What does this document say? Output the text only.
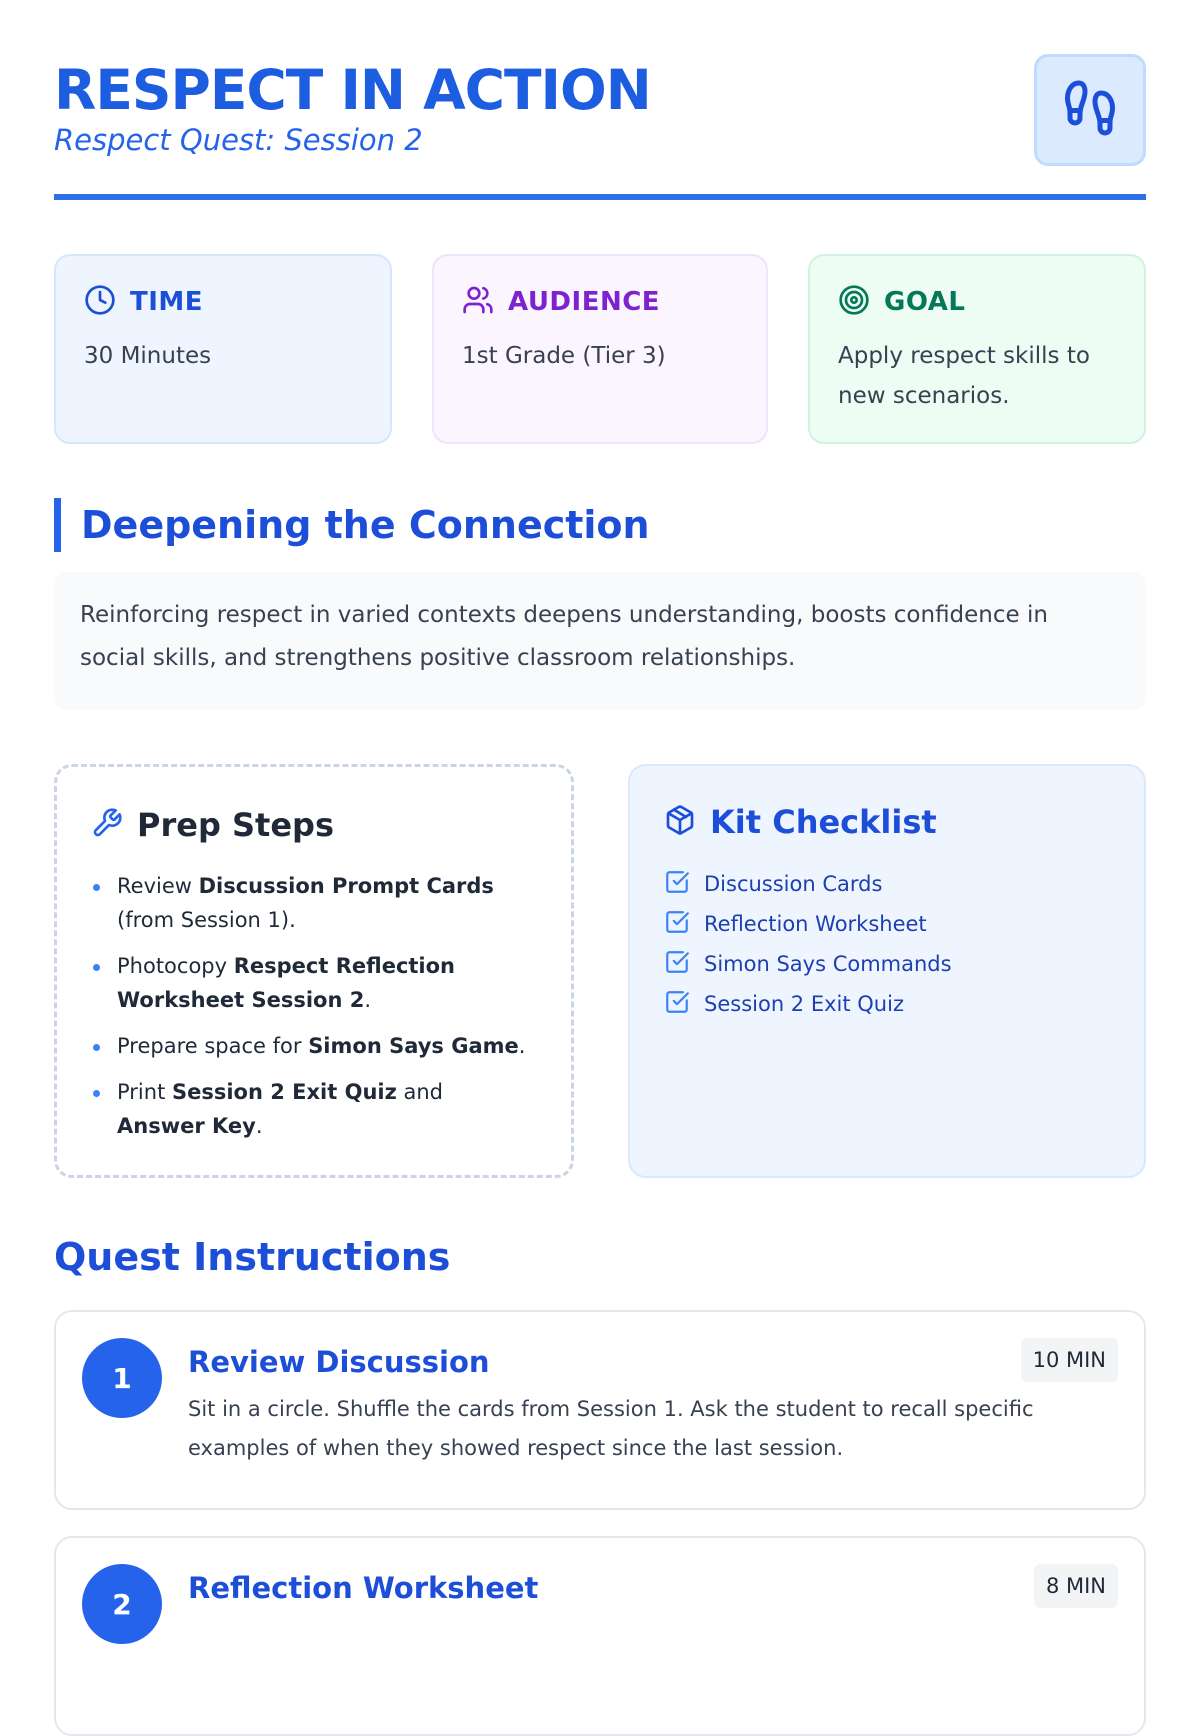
RESPECT IN ACTION
Respect Quest: Session 2
TIME
30 Minutes
AUDIENCE
1st Grade (Tier 3)
GOAL
Apply respect skills to new scenarios.
Deepening the Connection
Reinforcing respect in varied contexts deepens understanding, boosts confidence in social skills, and strengthens positive classroom relationships.
Prep Steps
Review Discussion Prompt Cards (from Session 1).
Photocopy Respect Reflection Worksheet Session 2.
Prepare space for Simon Says Game.
Print Session 2 Exit Quiz and Answer Key.
Kit Checklist
Discussion Cards
Reflection Worksheet
Simon Says Commands
Session 2 Exit Quiz
Quest Instructions
1	Review Discussion	10 MIN
Sit in a circle. Shuffle the cards from Session 1. Ask the student to recall specific examples of when they showed respect since the last session.
2	Reflection Worksheet	8 MIN
